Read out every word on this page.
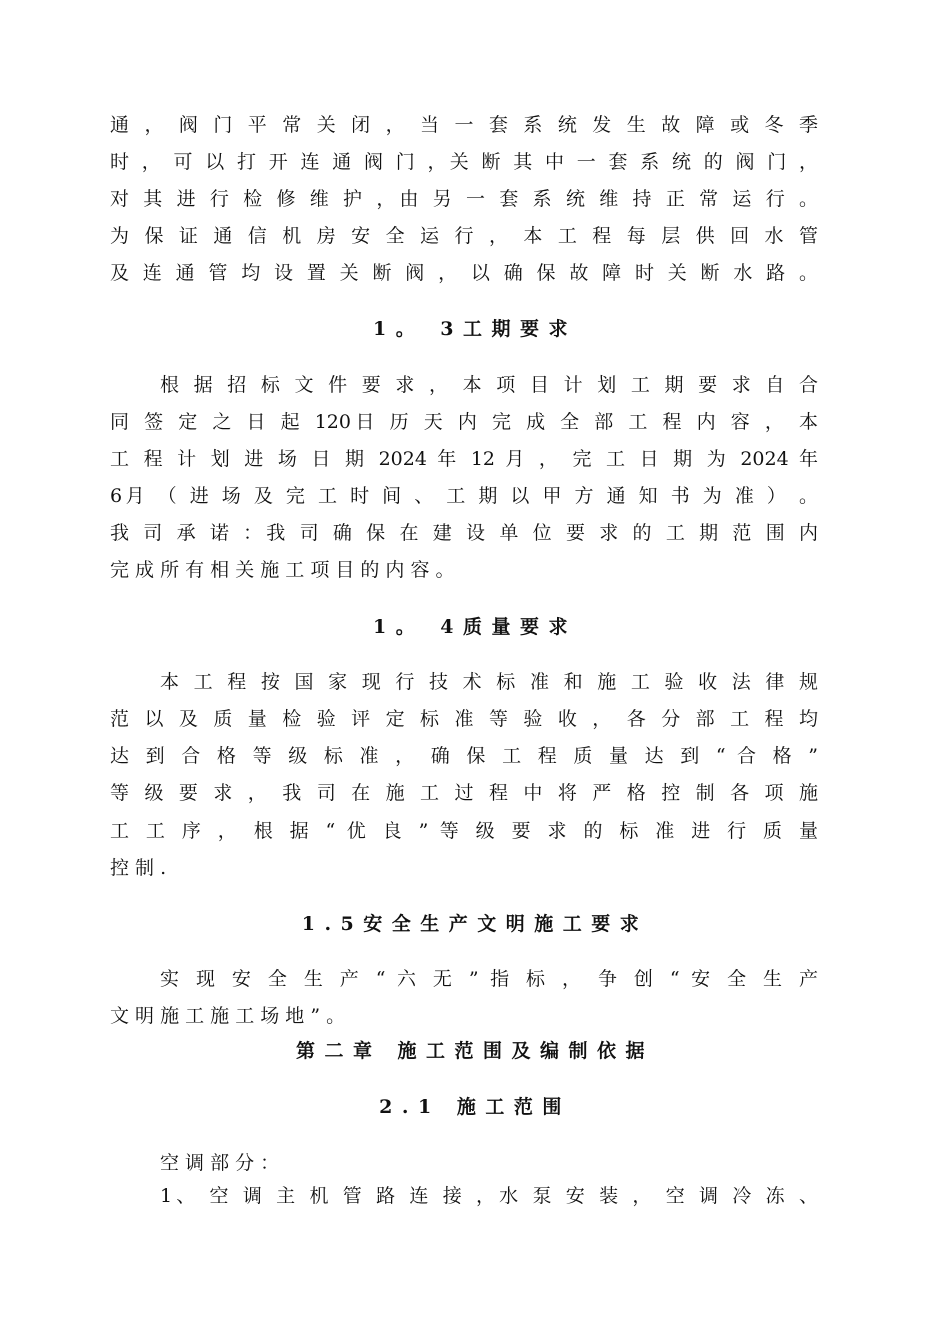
通 ， 阀 门 平 常 关 闭 ， 当 一 套 系 统 发 生 故 障 或 冬 季
时 ， 可 以 打 开 连 通 阀 门 ，关 断 其 中 一 套 系 统 的 阀 门 ，
对 其 进 行 检 修 维 护 ，由 另 一 套 系 统 维 持 正 常 运 行 。
为 保 证 通 信 机 房 安 全 运 行 ， 本 工 程 每 层 供 回 水 管
及 连 通 管 均 设 置 关 断 阀 ， 以 确 保 故 障 时 关 断 水 路 。
1。 3工期要求
根 据 招 标 文 件 要 求 ， 本 项 目 计 划 工 期 要 求 自 合
同 签 定 之 日 起 120日 历 天 内 完 成 全 部 工 程 内 容 ， 本
工 程 计 划 进 场 日 期 2024 年 12 月 ， 完 工 日 期 为 2024 年
6月 （ 进 场 及 完 工 时 间 、 工 期 以 甲 方 通 知 书 为 准 ） 。
我 司 承 诺 ：我 司 确 保 在 建 设 单 位 要 求 的 工 期 范 围 内
完 成 所 有 相 关 施 工 项 目 的 内 容 。
1。 4质量要求
本 工 程 按 国 家 现 行 技 术 标 准 和 施 工 验 收 法 律 规
范 以 及 质 量 检 验 评 定 标 准 等 验 收 ， 各 分 部 工 程 均
达 到 合 格 等 级 标 准 ， 确 保 工 程 质 量 达 到 “ 合 格 ”
等 级 要 求 ， 我 司 在 施 工 过 程 中 将 严 格 控 制 各 项 施
工 工 序 ， 根 据 “ 优 良 ” 等 级 要 求 的 标 准 进 行 质 量
控 制 .
1.5安全生产文明施工要求
实 现 安 全 生 产 “ 六 无 ” 指 标 ， 争 创 “ 安 全 生 产
文 明 施 工 施 工 场 地 ” 。
第二章 施工范围及编制依据
2.1 施工范围
空 调 部 分 ：
1、 空 调 主 机 管 路 连 接 ，水 泵 安 装 ， 空 调 冷 冻 、
